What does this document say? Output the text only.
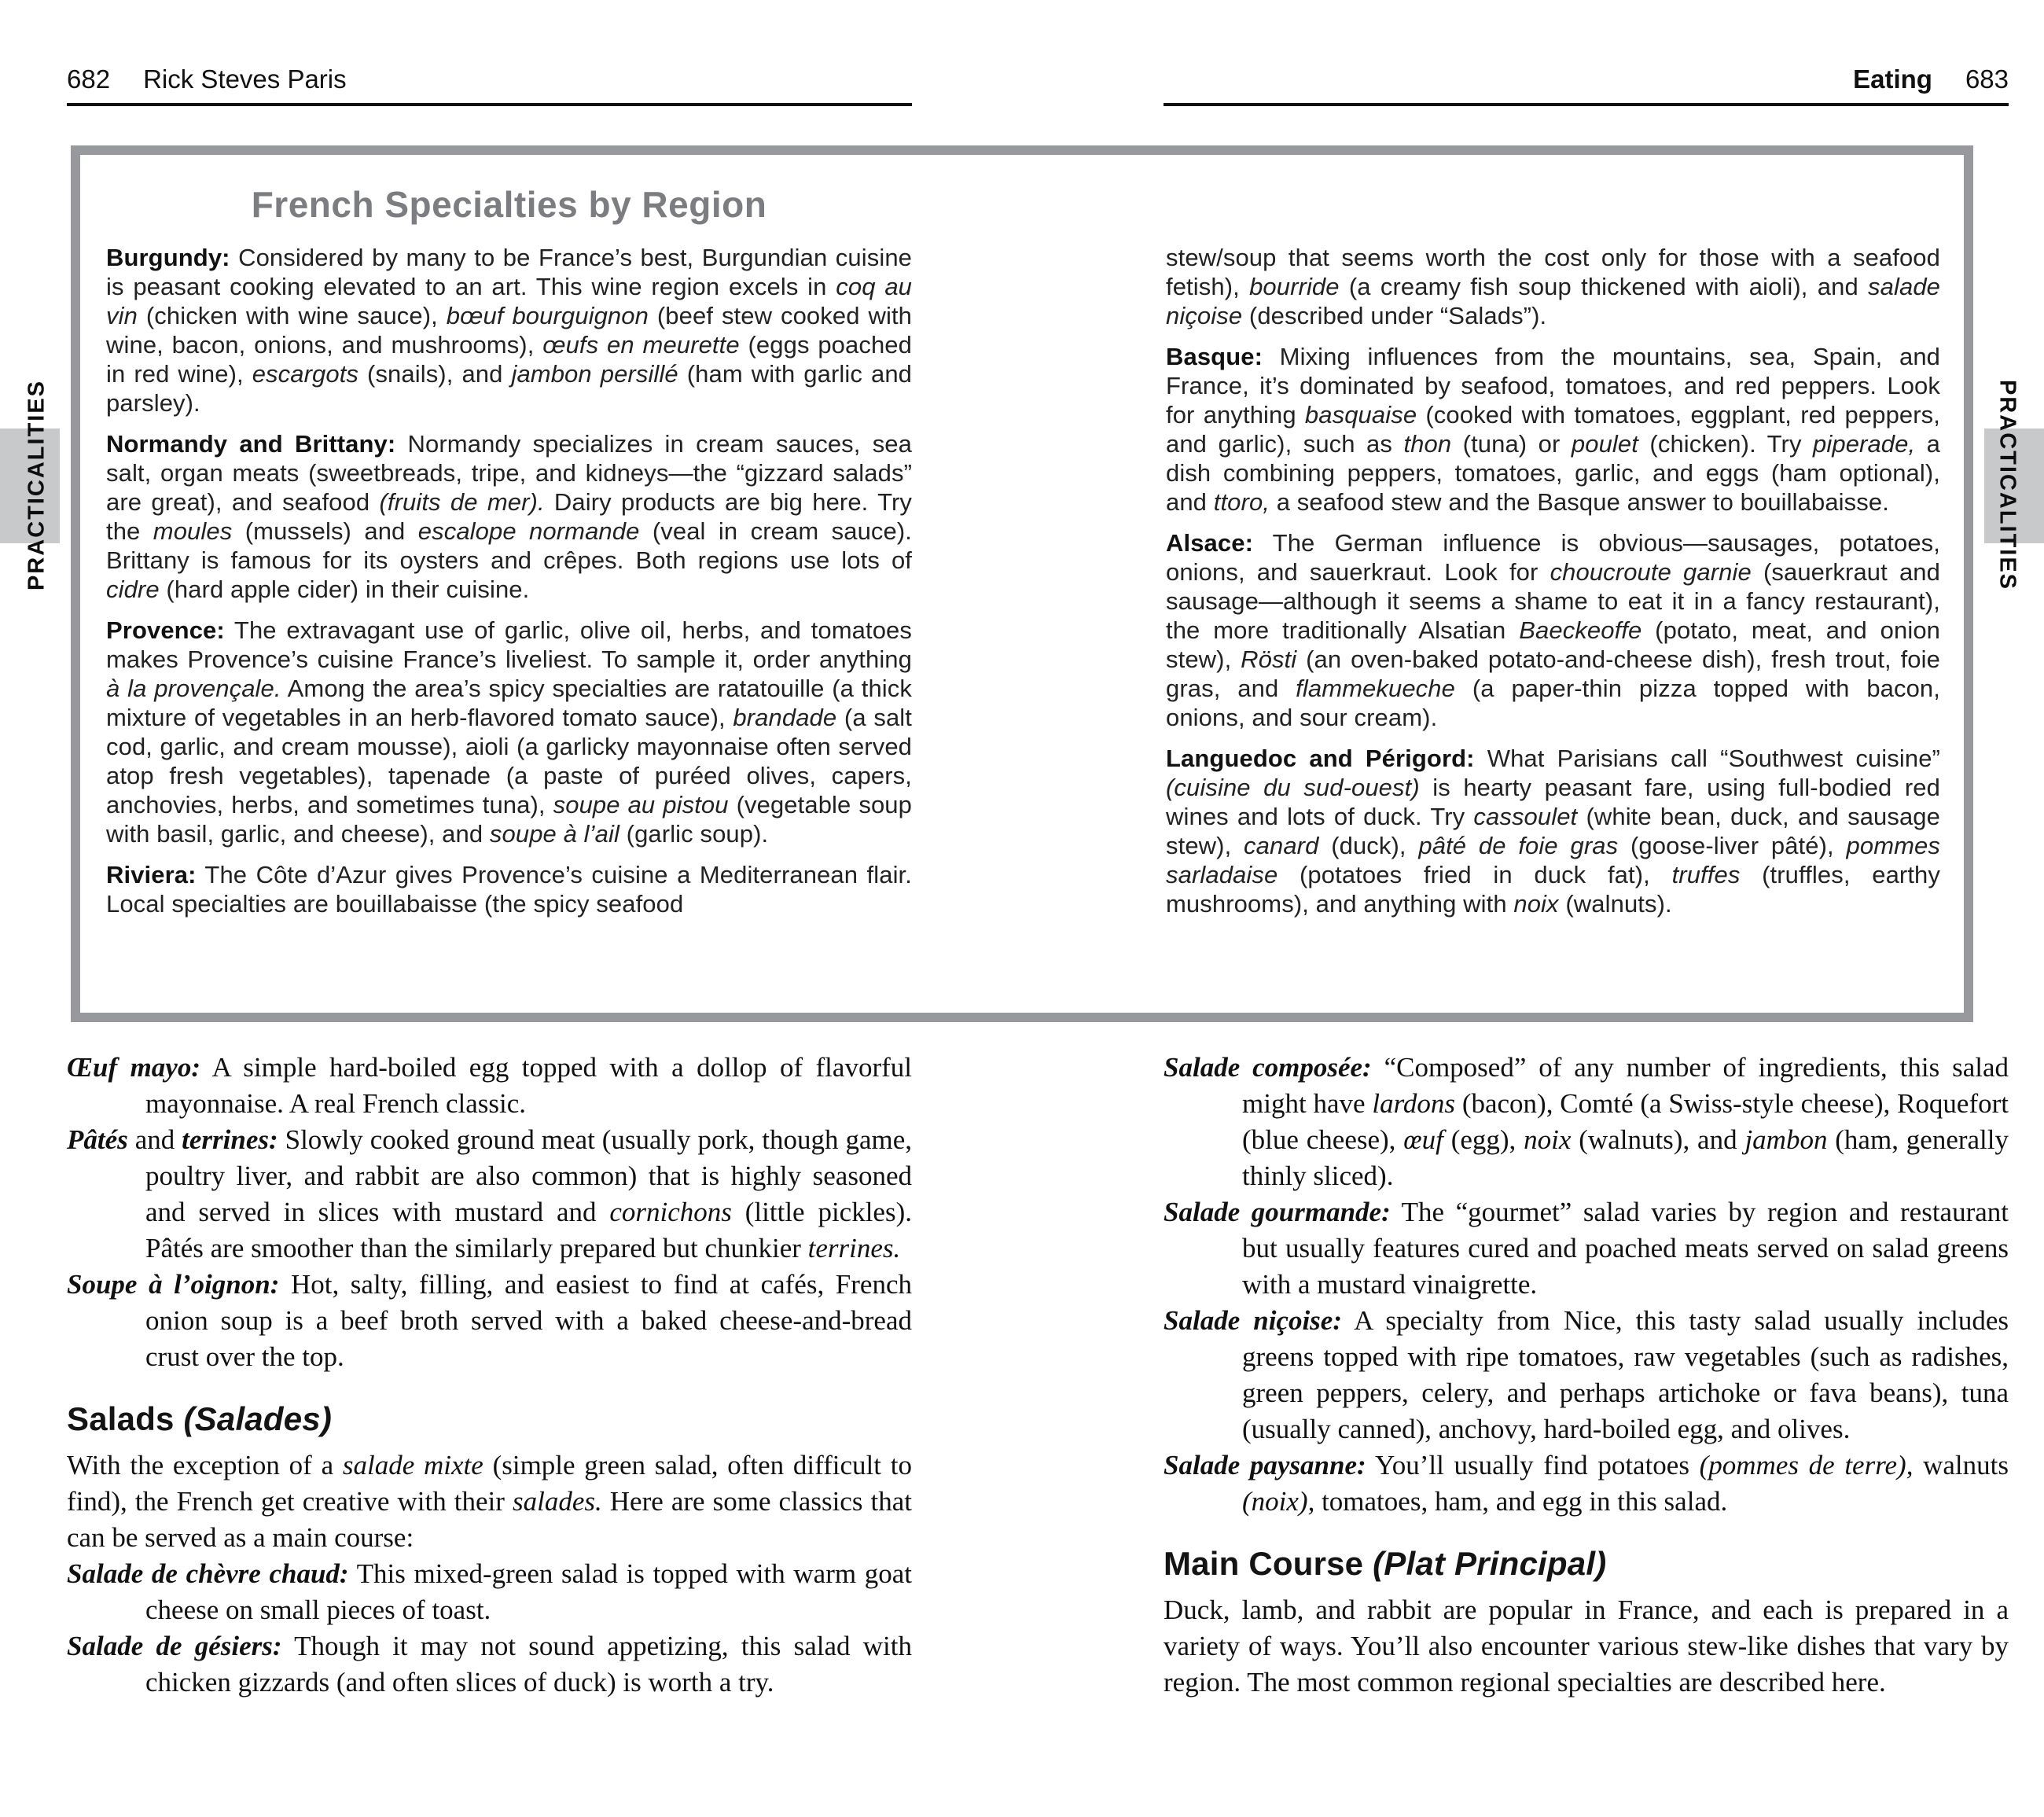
682 Rick Steves Paris	Eating 683
French Specialties by Region
Burgundy: Considered by many to be France’s best, Burgundian cuisine is peasant cooking elevated to an art. This wine region excels in coq au vin (chicken with wine sauce), bœuf bourguignon (beef stew cooked with wine, bacon, onions, and mushrooms), œufs en meurette (eggs poached in red wine), escargots (snails), and jambon persillé (ham with garlic and parsley).
Normandy and Brittany: Normandy specializes in cream sauces, sea salt, organ meats (sweetbreads, tripe, and kidneys—the “gizzard salads” are great), and seafood (fruits de mer). Dairy products are big here. Try the moules (mussels) and escalope normande (veal in cream sauce). Brittany is famous for its oysters and crêpes. Both regions use lots of cidre (hard apple cider) in their cuisine.
Provence: The extravagant use of garlic, olive oil, herbs, and tomatoes makes Provence’s cuisine France’s liveliest. To sample it, order anything à la provençale. Among the area’s spicy specialties are ratatouille (a thick mixture of vegetables in an herb-flavored tomato sauce), brandade (a salt cod, garlic, and cream mousse), aioli (a garlicky mayonnaise often served atop fresh vegetables), tapenade (a paste of puréed olives, capers, anchovies, herbs, and sometimes tuna), soupe au pistou (vegetable soup with basil, garlic, and cheese), and soupe à l’ail (garlic soup).
Riviera: The Côte d’Azur gives Provence’s cuisine a Mediterranean flair. Local specialties are bouillabaisse (the spicy seafood
stew/soup that seems worth the cost only for those with a seafood fetish), bourride (a creamy fish soup thickened with aioli), and salade niçoise (described under “Salads”).
Basque: Mixing influences from the mountains, sea, Spain, and France, it’s dominated by seafood, tomatoes, and red peppers. Look for anything basquaise (cooked with tomatoes, eggplant, red peppers, and garlic), such as thon (tuna) or poulet (chicken). Try piperade, a dish combining peppers, tomatoes, garlic, and eggs (ham optional), and ttoro, a seafood stew and the Basque answer to bouillabaisse.
Alsace: The German influence is obvious—sausages, potatoes, onions, and sauerkraut. Look for choucroute garnie (sauerkraut and sausage—although it seems a shame to eat it in a fancy restaurant), the more traditionally Alsatian Baeckeoffe (potato, meat, and onion stew), Rösti (an oven-baked potato-and-cheese dish), fresh trout, foie gras, and flammekueche (a paper-thin pizza topped with bacon, onions, and sour cream).
Languedoc and Périgord: What Parisians call “Southwest cuisine” (cuisine du sud-ouest) is hearty peasant fare, using full-bodied red wines and lots of duck. Try cassoulet (white bean, duck, and sausage stew), canard (duck), pâté de foie gras (goose-liver pâté), pommes sarladaise (potatoes fried in duck fat), truffes (truffles, earthy mushrooms), and anything with noix (walnuts).
PRACTICALITIES	PRACTICALITIES
Œuf mayo: A simple hard-boiled egg topped with a dollop of flavorful mayonnaise. A real French classic.
Pâtés and terrines: Slowly cooked ground meat (usually pork, though game, poultry liver, and rabbit are also common) that is highly seasoned and served in slices with mustard and cornichons (little pickles). Pâtés are smoother than the similarly prepared but chunkier terrines.
Soupe à l’oignon: Hot, salty, filling, and easiest to find at cafés, French onion soup is a beef broth served with a baked cheese-and-bread crust over the top.
Salads (Salades)
With the exception of a salade mixte (simple green salad, often difficult to find), the French get creative with their salades. Here are some classics that can be served as a main course:
Salade de chèvre chaud: This mixed-green salad is topped with warm goat cheese on small pieces of toast.
Salade de gésiers: Though it may not sound appetizing, this salad with chicken gizzards (and often slices of duck) is worth a try.
Salade composée: “Composed” of any number of ingredients, this salad might have lardons (bacon), Comté (a Swiss-style cheese), Roquefort (blue cheese), œuf (egg), noix (walnuts), and jambon (ham, generally thinly sliced).
Salade gourmande: The “gourmet” salad varies by region and restaurant but usually features cured and poached meats served on salad greens with a mustard vinaigrette.
Salade niçoise: A specialty from Nice, this tasty salad usually includes greens topped with ripe tomatoes, raw vegetables (such as radishes, green peppers, celery, and perhaps artichoke or fava beans), tuna (usually canned), anchovy, hard-boiled egg, and olives.
Salade paysanne: You’ll usually find potatoes (pommes de terre), walnuts (noix), tomatoes, ham, and egg in this salad.
Main Course (Plat Principal)
Duck, lamb, and rabbit are popular in France, and each is prepared in a variety of ways. You’ll also encounter various stew-like dishes that vary by region. The most common regional specialties are described here.
